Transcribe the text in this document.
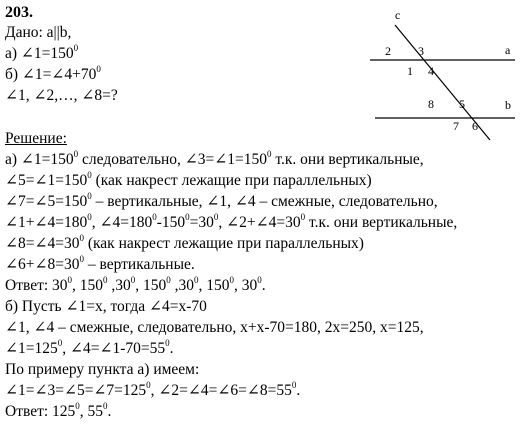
203.
Дано: a||b,
а) $\angle 1=150^0$
б) $\angle 1=\angle 4+70^0$
∠1, ∠2,…, ∠8=?
c
a
b
1
2 3
4
5
6
7
8
Решение:
а) $\angle 1=150^0$ следовательно, $\angle 3=\angle 1=150^0$ т.к. они вертикальные,
$\angle 5=\angle 1=150^0$ (как накрест лежащие при параллельных)
$\angle 7=\angle 5=150^0$ – вертикальные, ∠1, ∠4 – смежные, следовательно,
$\angle 1+\angle 4=180^0$, $\angle 4=180^0-150^0=30^0$, $\angle 2+\angle 4=30^0$ т.к. они вертикальные,
$\angle 8=\angle 4=30^0$ (как накрест лежащие при параллельных)
$\angle 6+\angle 8=30^0$ – вертикальные.
Ответ: $30^0$, $150^0$ $,30^0$, $150^0$ $,30^0$, $150^0$, $30^0$.
б) Пусть ∠1=x, тогда ∠4=x-70
∠1, ∠4 – смежные, следовательно, x+x-70=180, 2x=250, x=125,
$\angle 1=125^0$, $\angle 4=\angle 1-70=55^0$.
По примеру пункта а) имеем:
$\angle 1=\angle 3=\angle 5=\angle 7=125^0$, $\angle 2=\angle 4=\angle 6=\angle 8=55^0$.
Ответ: $125^0$, $55^0$.
